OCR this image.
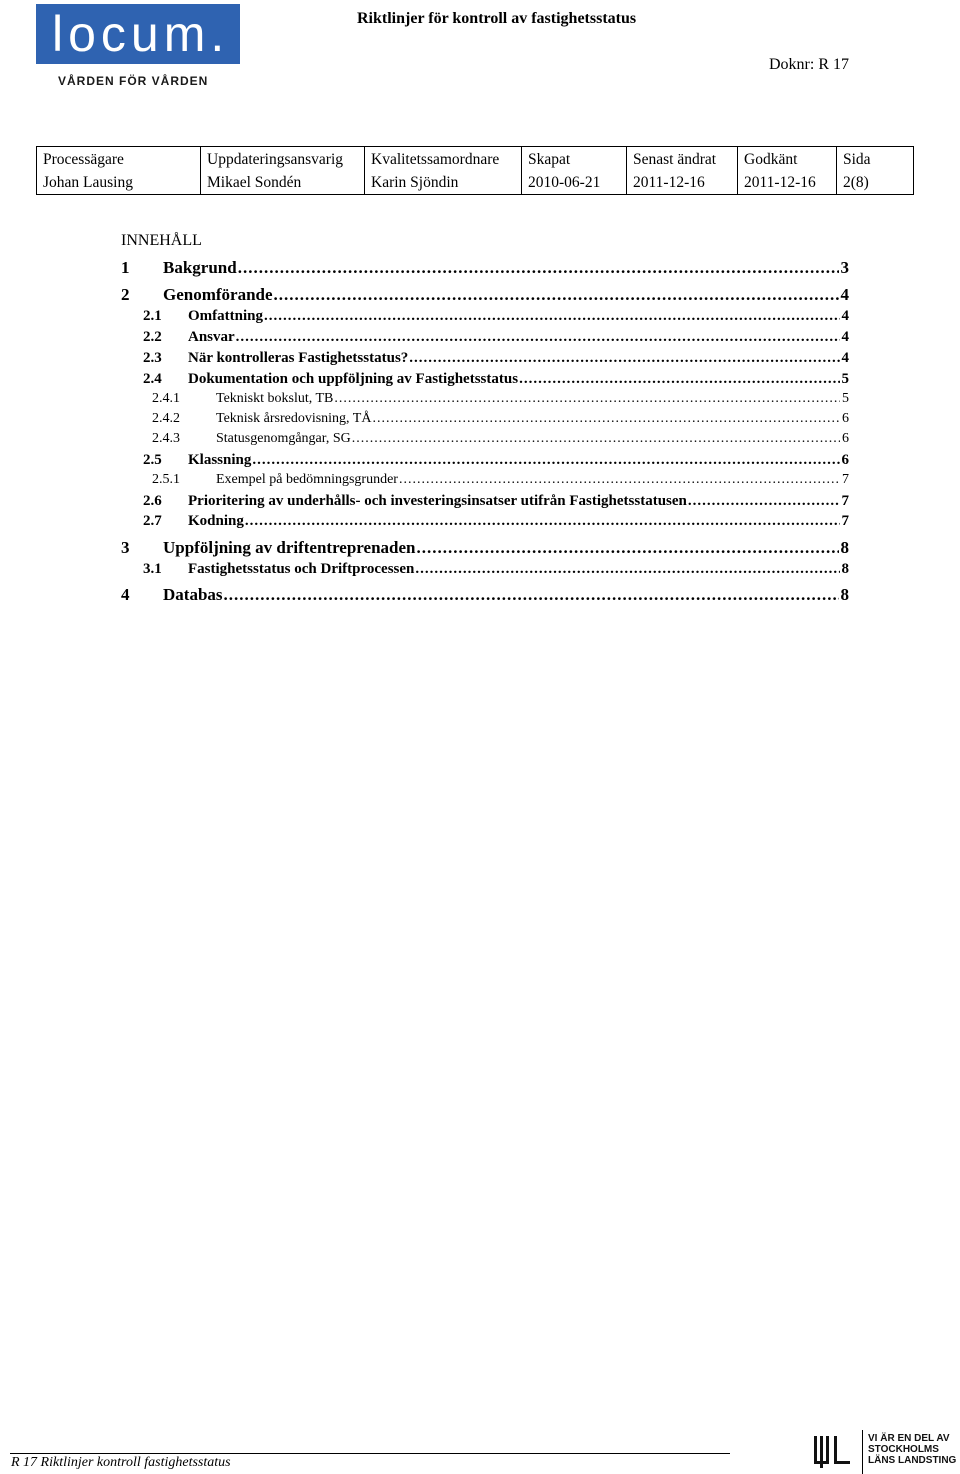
locum.
VÅRDEN FÖR VÅRDEN
Riktlinjer för kontroll av fastighetsstatus
Doknr: R 17
Processägare	Uppdateringsansvarig	Kvalitetssamordnare	Skapat	Senast ändrat	Godkänt	Sida
Johan Lausing	Mikael Sondén	Karin Sjöndin	2010-06-21	2011-12-16	2011-12-16	2(8)
INNEHÅLL
1	Bakgrund .....	3
2	Genomförande .....	4
2.1	Omfattning .....	4
2.2	Ansvar .....	4
2.3	När kontrolleras Fastighetsstatus? .....	4
2.4	Dokumentation och uppföljning av Fastighetsstatus .....	5
2.4.1	Tekniskt bokslut, TB .....	5
2.4.2	Teknisk årsredovisning, TÅ .....	6
2.4.3	Statusgenomgångar, SG .....	6
2.5	Klassning .....	6
2.5.1	Exempel på bedömningsgrunder .....	7
2.6	Prioritering av underhålls- och investeringsinsatser utifrån Fastighetsstatusen .....	7
2.7	Kodning .....	7
3	Uppföljning av driftentreprenaden .....	8
3.1	Fastighetsstatus och Driftprocessen .....	8
4	Databas .....	8
R 17 Riktlinjer kontroll fastighetsstatus
VI ÄR EN DEL AV
STOCKHOLMS
LÄNS LANDSTING
